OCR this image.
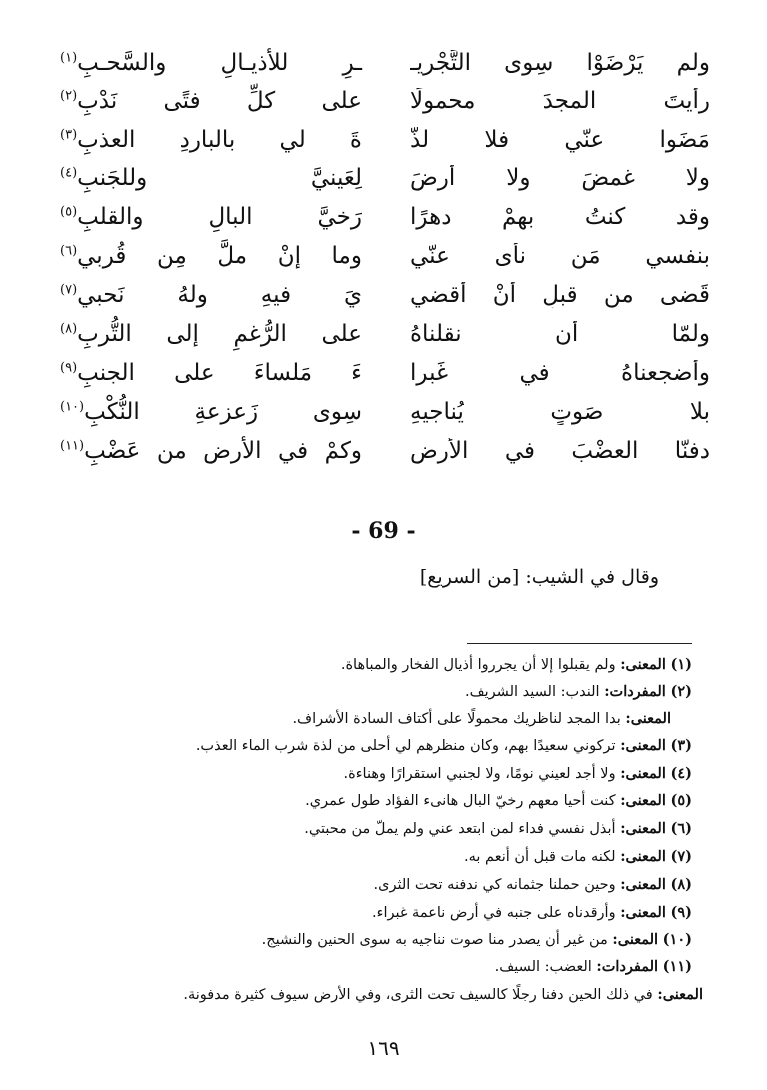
ولم يَرْضَوْا سِوى التَّجْريـ
ـرِ للأذيـالِ والسَّحـبِ$^{(١)}$
رأيتَ المجدَ محمولًا
على كلِّ فتًى نَدْبِ$^{(٢)}$
مَضَوا عنّي فلا لذّ
ةَ لي بالباردِ العذبِ$^{(٣)}$
ولا غمضَ ولا أرضَ
لِعَينيَّ وللجَنبِ$^{(٤)}$
وقد كنتُ بهمْ دهرًا
رَخيَّ البالِ والقلبِ$^{(٥)}$
بنفسي مَن نأى عنّي
وما إنْ ملَّ مِن قُربي$^{(٦)}$
قَضى من قبلِ أنْ أَقضي
يَ فيهِ ولهُ نَحبي$^{(٧)}$
ولمّا أن نقلناهُ
على الرُّغمِ إلى التُّربِ$^{(٨)}$
وأضجعناهُ في غَبرا
ءَ مَلساءَ على الجنبِ$^{(٩)}$
بلا صَوتٍ يُناجيهِ
سِوى زَعزعةِ النُّكْبِ$^{(١٠)}$
دفنّا العضْبَ في الأرضِ
وكمْ في الأرض من عَضْبِ$^{(١١)}$
- 69 -
وقال في الشيب: [من السريع]
(١) المعنى: ولم يقبلوا إلا أن يجرروا أذيال الفخار والمباهاة.
(٢) المفردات: الندب: السيد الشريف.
المعنى: بدا المجد لناظريك محمولًا على أكتاف السادة الأشراف.
(٣) المعنى: تركوني سعيدًا بهم، وكان منظرهم لي أحلى من لذة شرب الماء العذب.
(٤) المعنى: ولا أجد لعيني نومًا، ولا لجنبي استقرارًا وهناءة.
(٥) المعنى: كنت أحيا معهم رخيّ البال هانىء الفؤاد طول عمري.
(٦) المعنى: أبذل نفسي فداء لمن ابتعد عني ولم يملّ من محبتي.
(٧) المعنى: لكنه مات قبل أن أنعم به.
(٨) المعنى: وحين حملنا جثمانه كي ندفنه تحت الثرى.
(٩) المعنى: وأرقدناه على جنبه في أرض ناعمة غبراء.
(١٠) المعنى: من غير أن يصدر منا صوت نناجيه به سوى الحنين والنشيج.
(١١) المفردات: العضب: السيف.
المعنى: في ذلك الحين دفنا رجلًا كالسيف تحت الثرى، وفي الأرض سيوف كثيرة مدفونة.
١٦٩
